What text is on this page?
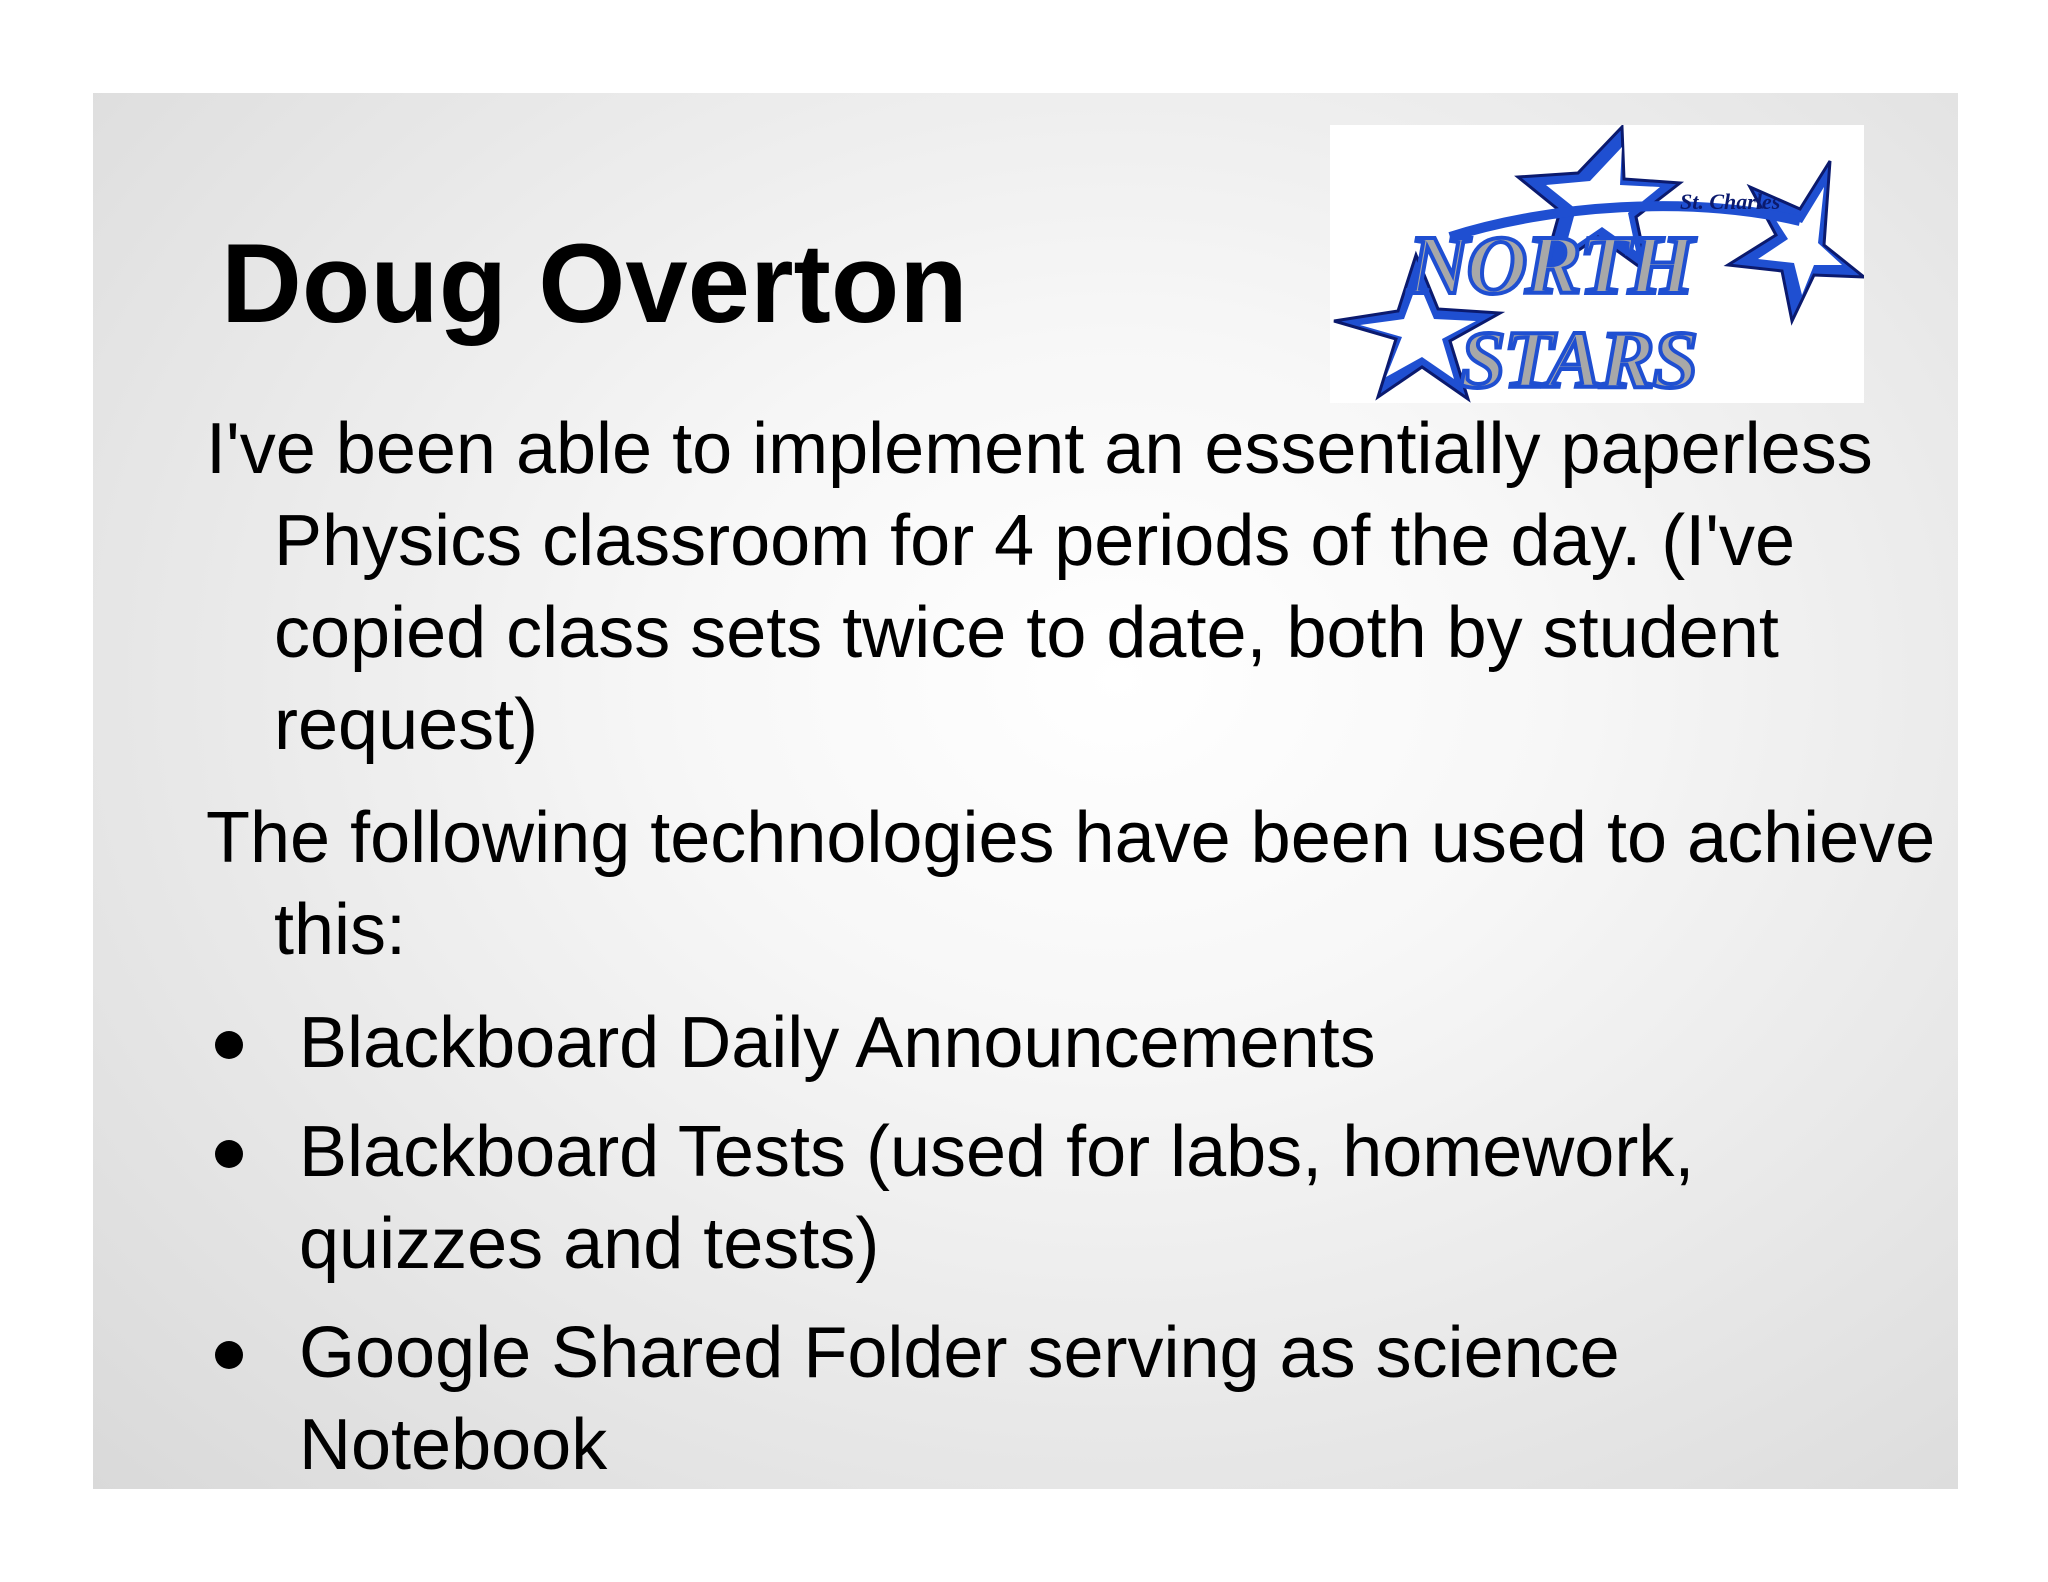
Doug Overton
St. Charles
NORTH
STARS

I've been able to implement an essentially paperless Physics classroom for 4 periods of the day. (I've copied class sets twice to date, both by student request)

The following technologies have been used to achieve this:

Blackboard Daily Announcements
Blackboard Tests (used for labs, homework, quizzes and tests)
Google Shared Folder serving as science Notebook
